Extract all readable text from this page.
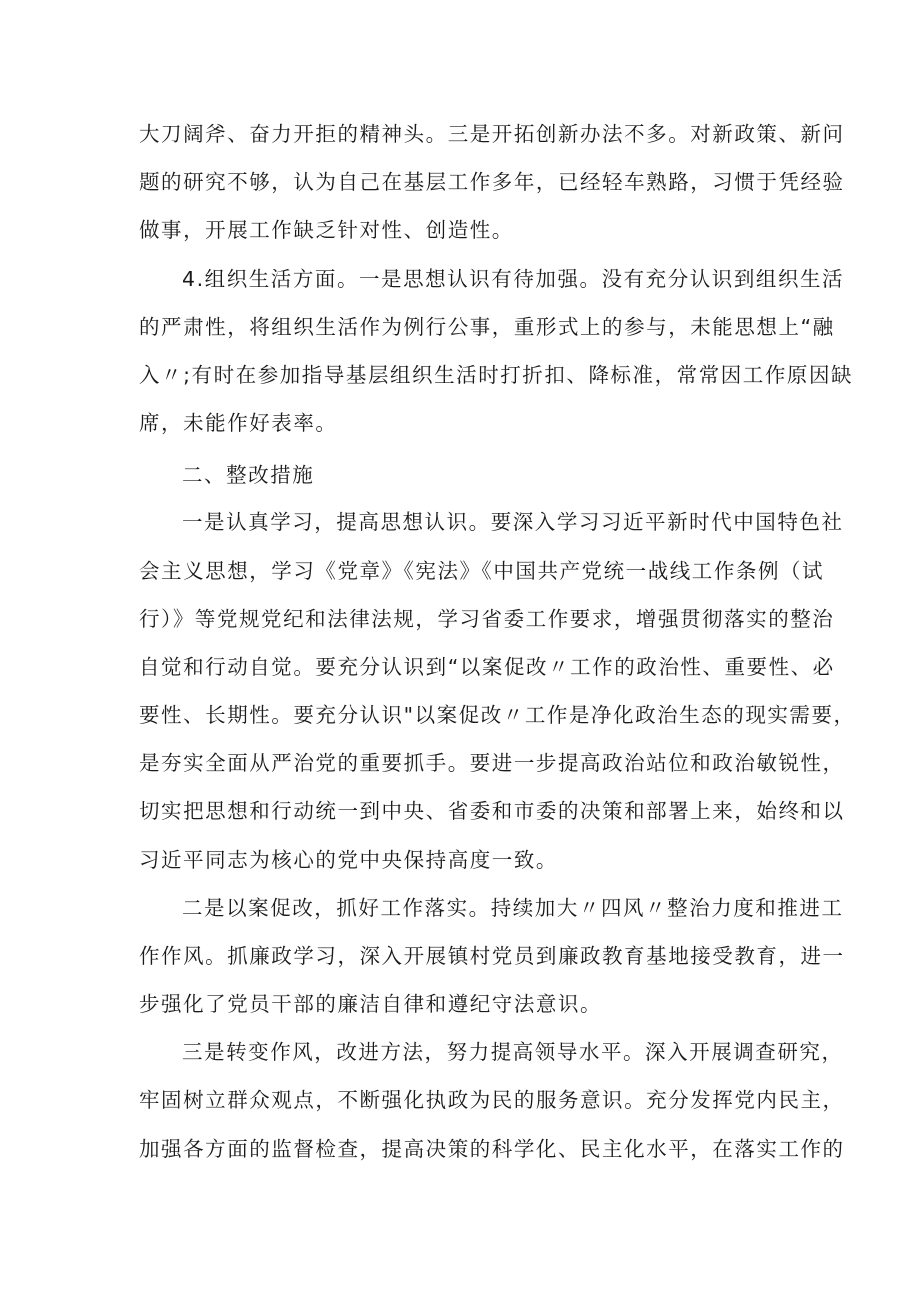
大刀阔斧、奋力开拒的精神头。三是开拓创新办法不多。对新政策、新问
题的研究不够，认为自己在基层工作多年，已经轻车熟路，习惯于凭经验
做事，开展工作缺乏针对性、创造性。
4.组织生活方面。一是思想认识有待加强。没有充分认识到组织生活
的严肃性，将组织生活作为例行公事，重形式上的参与，未能思想上“融
入〃;有时在参加指导基层组织生活时打折扣、降标准，常常因工作原因缺
席，未能作好表率。
二、整改措施
一是认真学习，提高思想认识。要深入学习习近平新时代中国特色社
会主义思想，学习《党章》《宪法》《中国共产党统一战线工作条例（试
行）》等党规党纪和法律法规，学习省委工作要求，增强贯彻落实的整治
自觉和行动自觉。要充分认识到“以案促改〃工作的政治性、重要性、必
要性、长期性。要充分认识"以案促改〃工作是净化政治生态的现实需要，
是夯实全面从严治党的重要抓手。要进一步提高政治站位和政治敏锐性，
切实把思想和行动统一到中央、省委和市委的决策和部署上来，始终和以
习近平同志为核心的党中央保持高度一致。
二是以案促改，抓好工作落实。持续加大〃四风〃整治力度和推进工
作作风。抓廉政学习，深入开展镇村党员到廉政教育基地接受教育，进一
步强化了党员干部的廉洁自律和遵纪守法意识。
三是转变作风，改进方法，努力提高领导水平。深入开展调查研究，
牢固树立群众观点，不断强化执政为民的服务意识。充分发挥党内民主，
加强各方面的监督检查，提高决策的科学化、民主化水平，在落实工作的
